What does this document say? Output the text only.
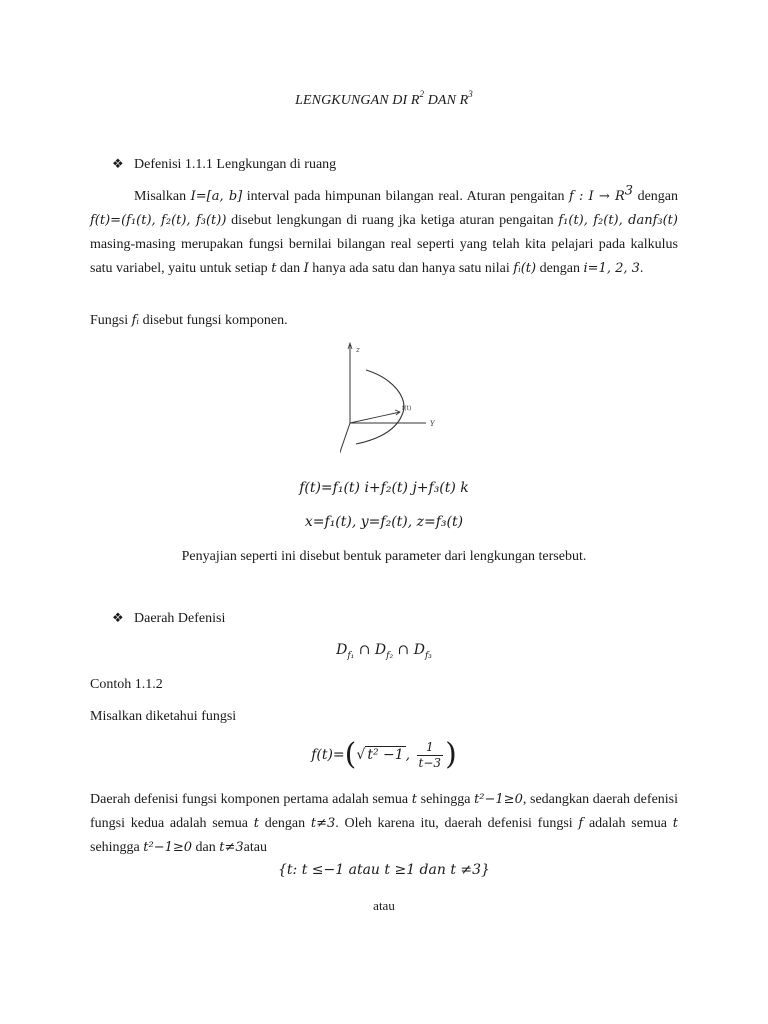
LENGKUNGAN DI $R^2$ DAN $R^3$
❖ Defenisi 1.1.1 Lengkungan di ruang
Misalkan I=[a, b] interval pada himpunan bilangan real. Aturan pengaitan f : $I \to R^3$ dengan f(t)=(f₁(t), f₂(t), f₃(t)) disebut lengkungan di ruang jka ketiga aturan pengaitan f₁(t), f₂(t), danf₃(t) masing-masing merupakan fungsi bernilai bilangan real seperti yang telah kita pelajari pada kalkulus satu variabel, yaitu untuk setiap t dan I hanya ada satu dan hanya satu nilai fᵢ(t) dengan i=1, 2, 3.
Fungsi fᵢ disebut fungsi komponen.
z
Y
f(t)
f(t)=f₁(t) i+f₂(t) j+f₃(t) k
x=f₁(t), y=f₂(t), z=f₃(t)
Penyajian seperti ini disebut bentuk parameter dari lengkungan tersebut.
❖ Daerah Defenisi
$D_{f_1}$ ∩ $D_{f_2}$ ∩ $D_{f_3}$
Contoh 1.1.2
Misalkan diketahui fungsi
f(t)=(√ t² −1 , $\frac{1}{t-3}$ )
Daerah defenisi fungsi komponen pertama adalah semua t sehingga t²−1≥0, sedangkan daerah defenisi fungsi kedua adalah semua t dengan t≠3. Oleh karena itu, daerah defenisi fungsi f adalah semua t sehingga t²−1≥0 dan t≠3atau
{t: t ≤−1 atau t ≥1 dan t ≠3}
atau
